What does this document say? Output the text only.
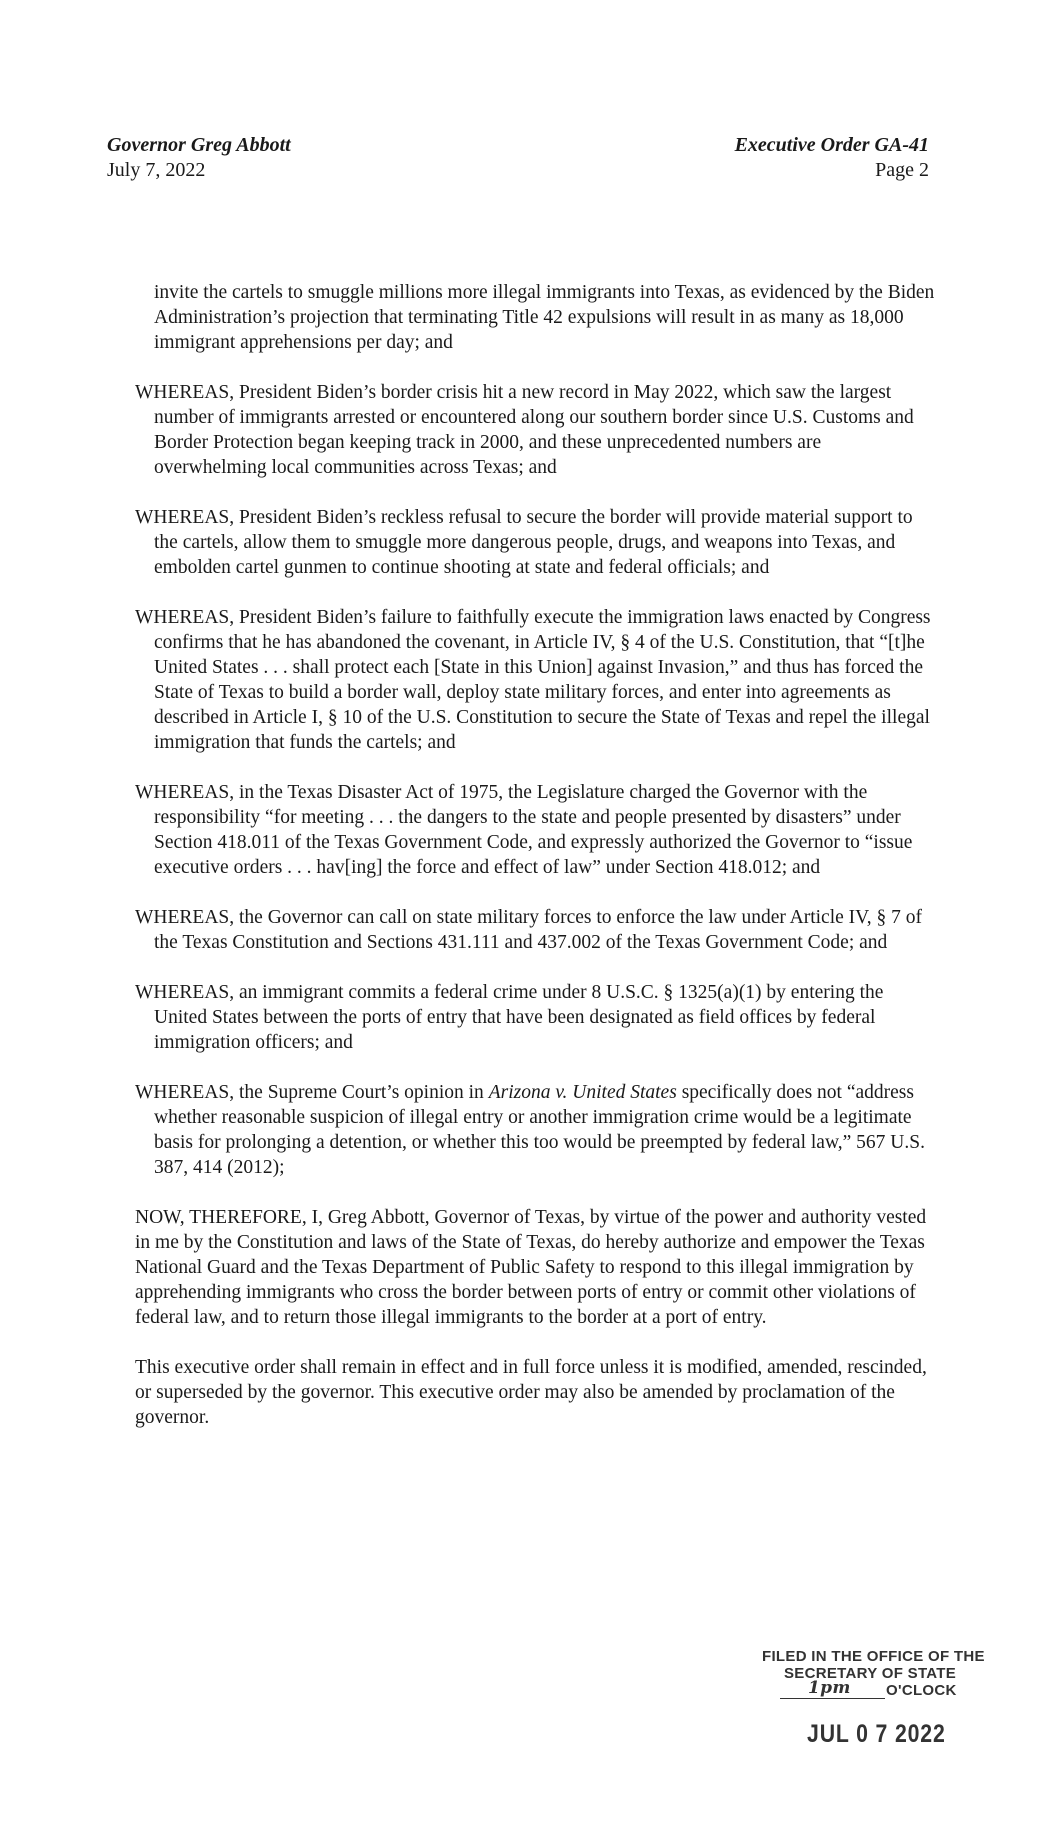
Governor Greg Abbott
July 7, 2022
Executive Order GA-41
Page 2

invite the cartels to smuggle millions more illegal immigrants into Texas, as evidenced by the Biden Administration’s projection that terminating Title 42 expulsions will result in as many as 18,000 immigrant apprehensions per day; and

WHEREAS, President Biden’s border crisis hit a new record in May 2022, which saw the largest number of immigrants arrested or encountered along our southern border since U.S. Customs and Border Protection began keeping track in 2000, and these unprecedented numbers are overwhelming local communities across Texas; and

WHEREAS, President Biden’s reckless refusal to secure the border will provide material support to the cartels, allow them to smuggle more dangerous people, drugs, and weapons into Texas, and embolden cartel gunmen to continue shooting at state and federal officials; and

WHEREAS, President Biden’s failure to faithfully execute the immigration laws enacted by Congress confirms that he has abandoned the covenant, in Article IV, § 4 of the U.S. Constitution, that “[t]he United States . . . shall protect each [State in this Union] against Invasion,” and thus has forced the State of Texas to build a border wall, deploy state military forces, and enter into agreements as described in Article I, § 10 of the U.S. Constitution to secure the State of Texas and repel the illegal immigration that funds the cartels; and

WHEREAS, in the Texas Disaster Act of 1975, the Legislature charged the Governor with the responsibility “for meeting . . . the dangers to the state and people presented by disasters” under Section 418.011 of the Texas Government Code, and expressly authorized the Governor to “issue executive orders . . . hav[ing] the force and effect of law” under Section 418.012; and

WHEREAS, the Governor can call on state military forces to enforce the law under Article IV, § 7 of the Texas Constitution and Sections 431.111 and 437.002 of the Texas Government Code; and

WHEREAS, an immigrant commits a federal crime under 8 U.S.C. § 1325(a)(1) by entering the United States between the ports of entry that have been designated as field offices by federal immigration officers; and

WHEREAS, the Supreme Court’s opinion in Arizona v. United States specifically does not “address whether reasonable suspicion of illegal entry or another immigration crime would be a legitimate basis for prolonging a detention, or whether this too would be preempted by federal law,” 567 U.S. 387, 414 (2012);

NOW, THEREFORE, I, Greg Abbott, Governor of Texas, by virtue of the power and authority vested in me by the Constitution and laws of the State of Texas, do hereby authorize and empower the Texas National Guard and the Texas Department of Public Safety to respond to this illegal immigration by apprehending immigrants who cross the border between ports of entry or commit other violations of federal law, and to return those illegal immigrants to the border at a port of entry.

This executive order shall remain in effect and in full force unless it is modified, amended, rescinded, or superseded by the governor. This executive order may also be amended by proclamation of the governor.

FILED IN THE OFFICE OF THE
SECRETARY OF STATE
1pm O'CLOCK
JUL 0 7 2022
